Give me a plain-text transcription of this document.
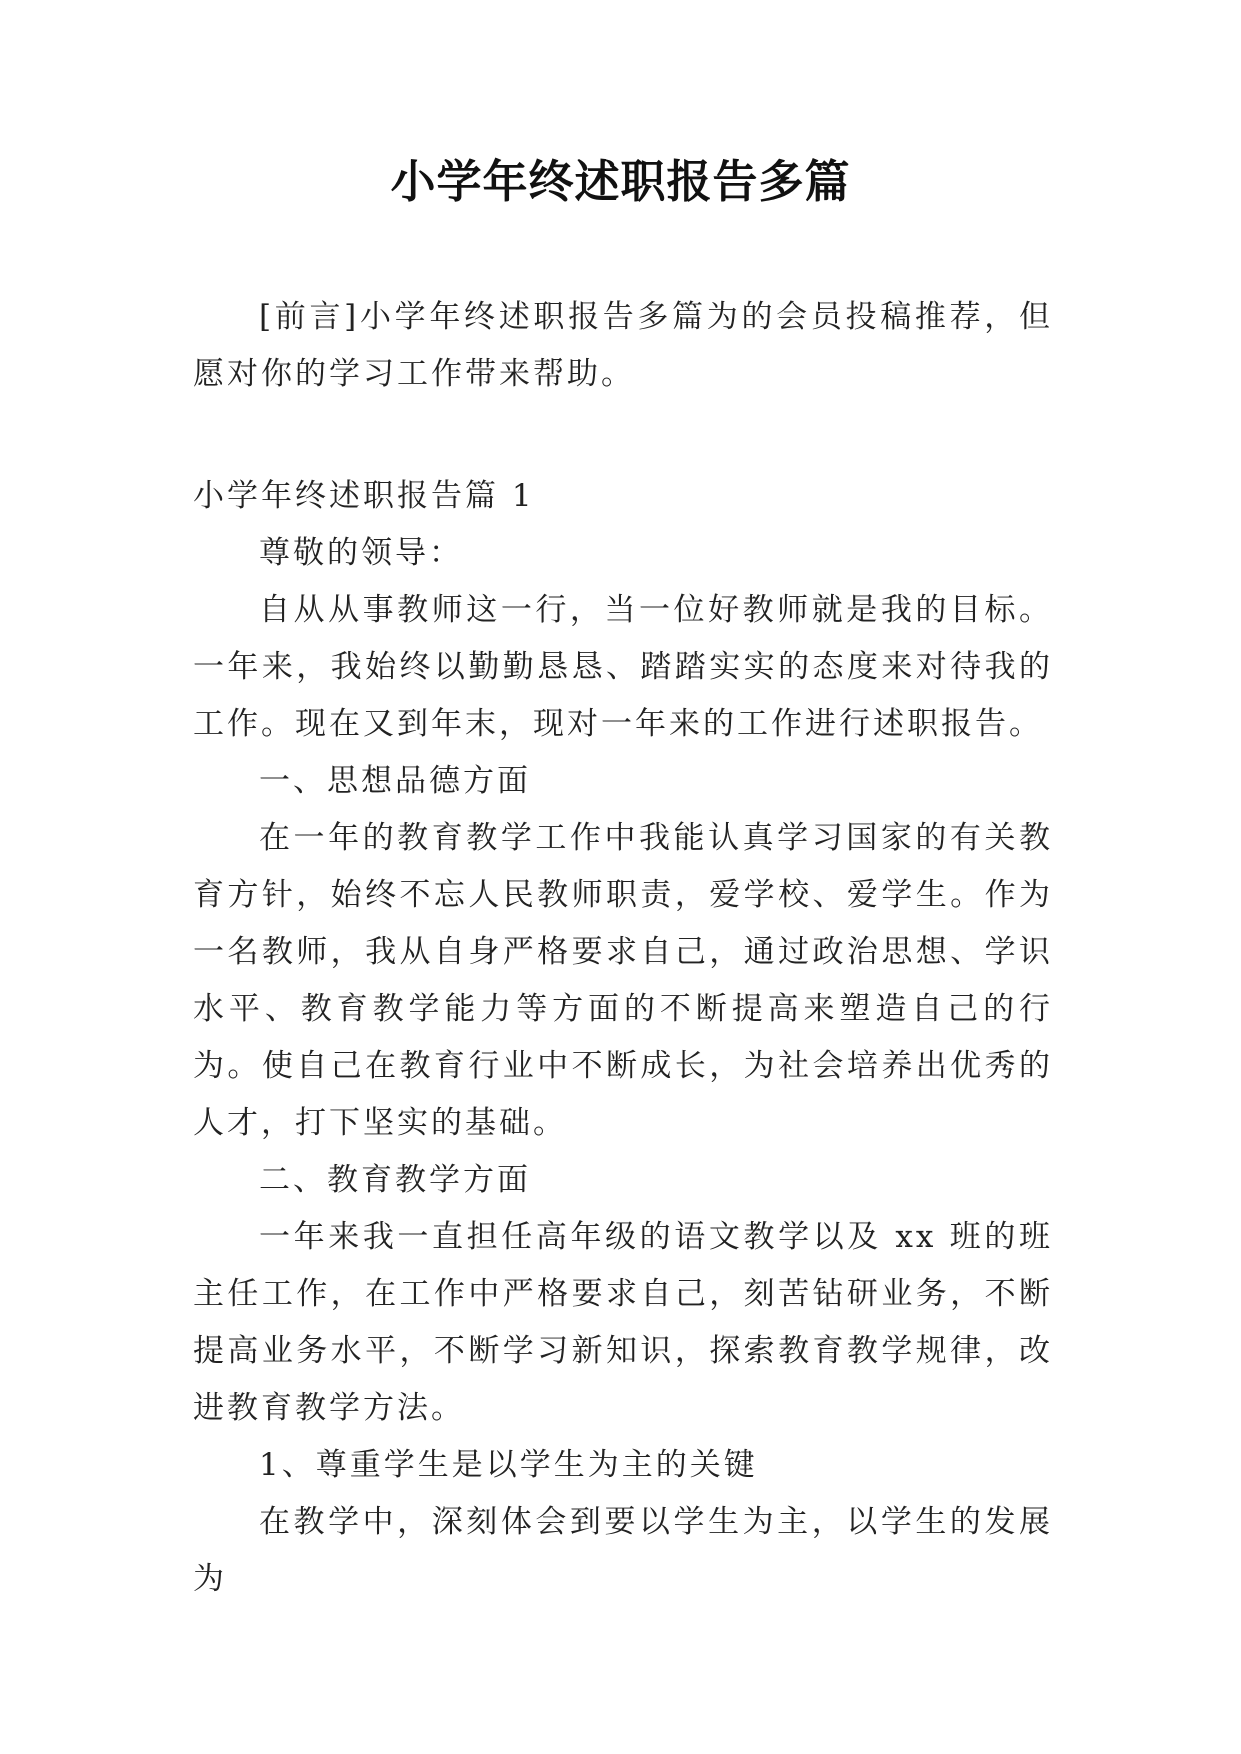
小学年终述职报告多篇

[前言]小学年终述职报告多篇为的会员投稿推荐，但愿对你的学习工作带来帮助。

小学年终述职报告篇 1

尊敬的领导：

自从从事教师这一行，当一位好教师就是我的目标。一年来，我始终以勤勤恳恳、踏踏实实的态度来对待我的工作。现在又到年末，现对一年来的工作进行述职报告。

一、思想品德方面

在一年的教育教学工作中我能认真学习国家的有关教育方针，始终不忘人民教师职责，爱学校、爱学生。作为一名教师，我从自身严格要求自己，通过政治思想、学识水平、教育教学能力等方面的不断提高来塑造自己的行为。使自己在教育行业中不断成长，为社会培养出优秀的人才，打下坚实的基础。

二、教育教学方面

一年来我一直担任高年级的语文教学以及 xx 班的班主任工作，在工作中严格要求自己，刻苦钻研业务，不断提高业务水平，不断学习新知识，探索教育教学规律，改进教育教学方法。

1、尊重学生是以学生为主的关键

在教学中，深刻体会到要以学生为主，以学生的发展为
